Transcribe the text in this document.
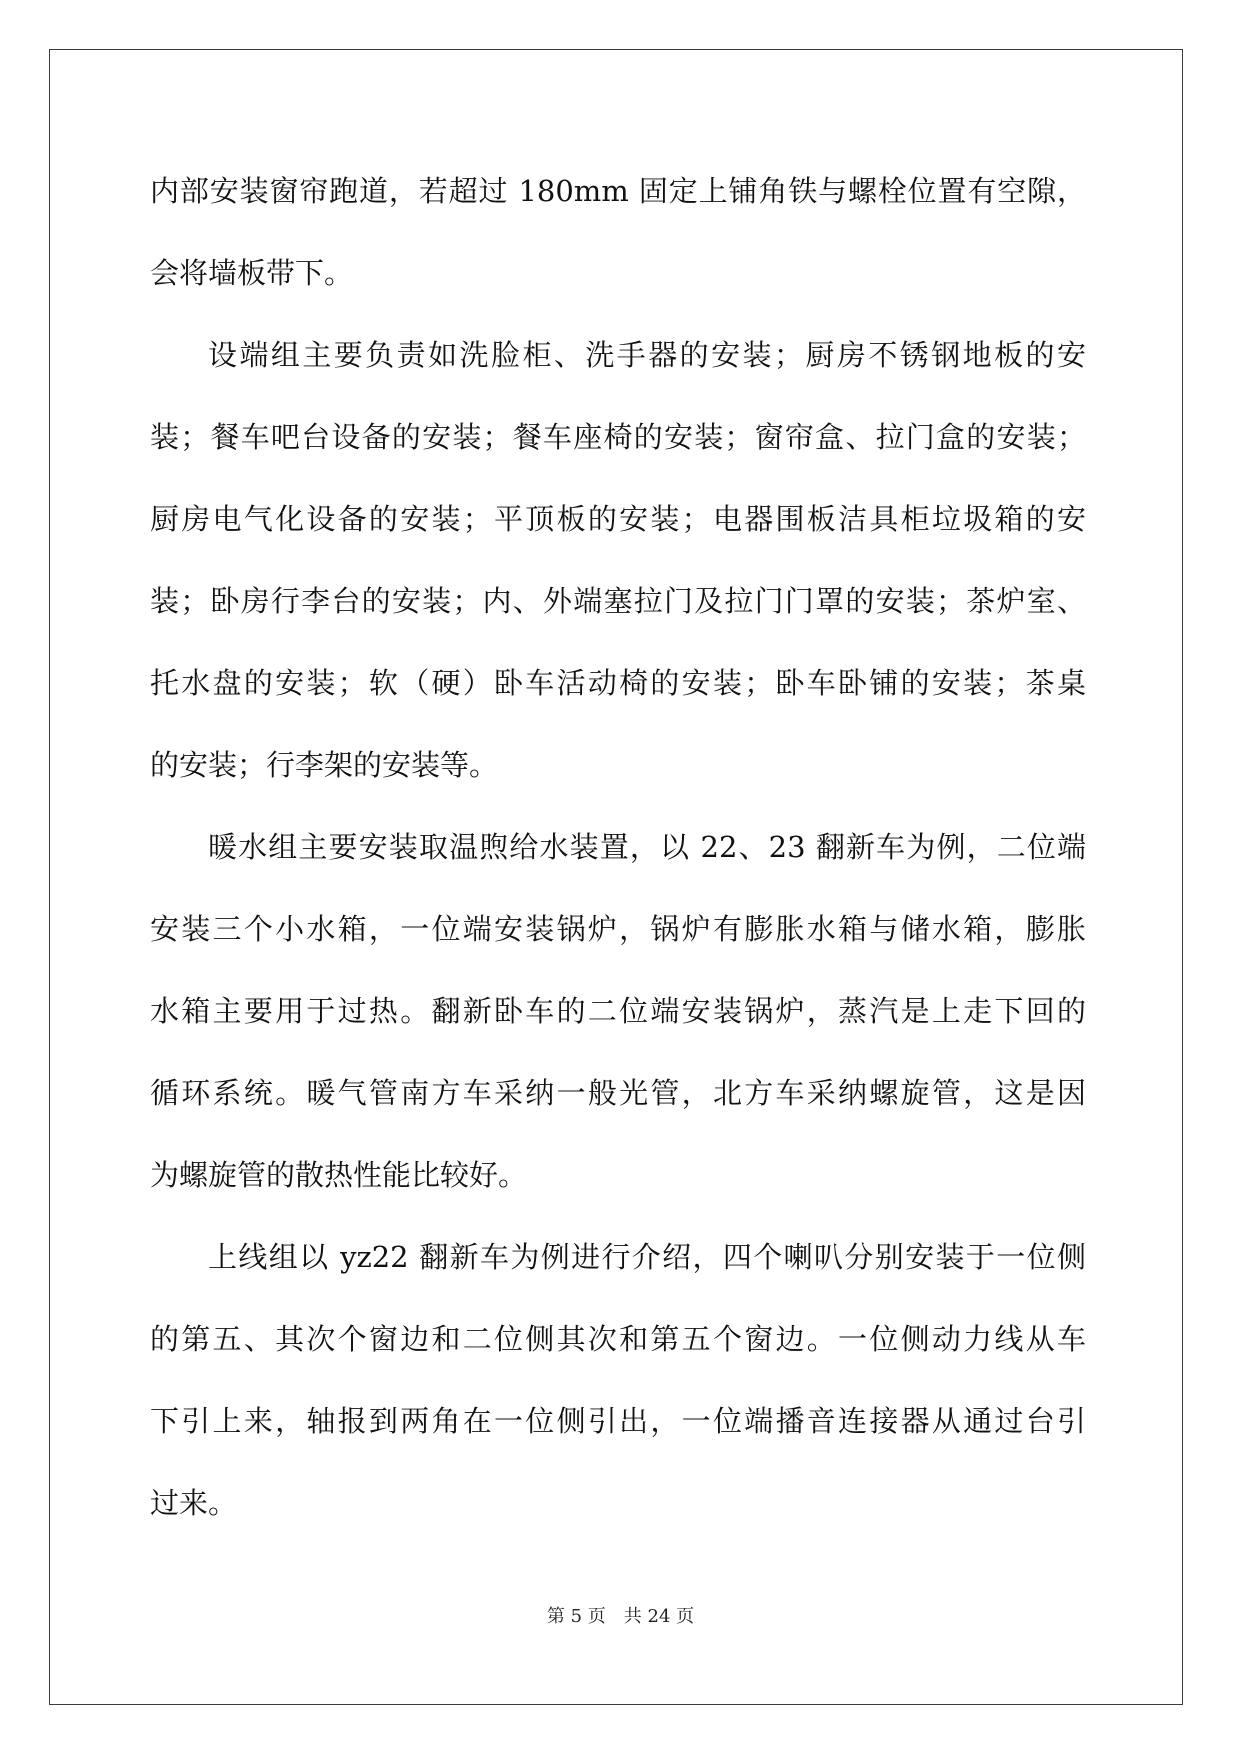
内部安装窗帘跑道，若超过 180mm 固定上铺角铁与螺栓位置有空隙，
会将墙板带下。
设端组主要负责如洗脸柜、洗手器的安装；厨房不锈钢地板的安
装；餐车吧台设备的安装；餐车座椅的安装；窗帘盒、拉门盒的安装；
厨房电气化设备的安装；平顶板的安装；电器围板洁具柜垃圾箱的安
装；卧房行李台的安装；内、外端塞拉门及拉门门罩的安装；茶炉室、
托水盘的安装；软（硬）卧车活动椅的安装；卧车卧铺的安装；茶桌
的安装；行李架的安装等。
暖水组主要安装取温煦给水装置，以 22、23 翻新车为例，二位端
安装三个小水箱，一位端安装锅炉，锅炉有膨胀水箱与储水箱，膨胀
水箱主要用于过热。翻新卧车的二位端安装锅炉，蒸汽是上走下回的
循环系统。暖气管南方车采纳一般光管，北方车采纳螺旋管，这是因
为螺旋管的散热性能比较好。
上线组以 yz22 翻新车为例进行介绍，四个喇叭分别安装于一位侧
的第五、其次个窗边和二位侧其次和第五个窗边。一位侧动力线从车
下引上来，轴报到两角在一位侧引出，一位端播音连接器从通过台引
过来。
第 5 页 共 24 页
